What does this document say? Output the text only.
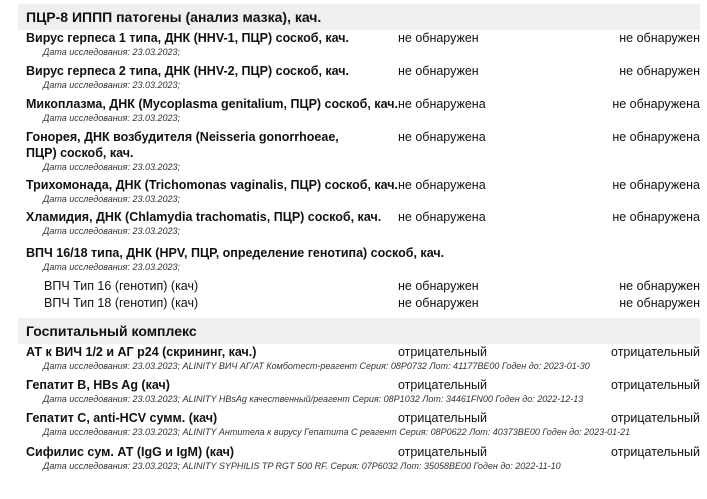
ПЦР-8 ИППП патогены (анализ мазка), кач.
Вирус герпеса 1 типа, ДНК (HHV-1, ПЦР) соскоб, кач.	не обнаружен	не обнаружен
Дата исследования: 23.03.2023;
Вирус герпеса 2 типа, ДНК (HHV-2, ПЦР) соскоб, кач.	не обнаружен	не обнаружен
Дата исследования: 23.03.2023;
Микоплазма, ДНК (Mycoplasma genitalium, ПЦР) соскоб, кач. не обнаружена	не обнаружена
Дата исследования: 23.03.2023;
Гонорея, ДНК возбудителя (Neisseria gonorrhoeae, ПЦР) соскоб, кач.
не обнаружена	не обнаружена
Дата исследования: 23.03.2023;
Трихомонада, ДНК (Trichomonas vaginalis, ПЦР) соскоб, кач. не обнаружена	не обнаружена
Дата исследования: 23.03.2023;
Хламидия, ДНК (Chlamydia trachomatis, ПЦР) соскоб, кач.	не обнаружена	не обнаружена
Дата исследования: 23.03.2023;
ВПЧ 16/18 типа, ДНК (HPV, ПЦР, определение генотипа) соскоб, кач.
Дата исследования: 23.03.2023;
ВПЧ Тип 16 (генотип) (кач)	не обнаружен	не обнаружен
ВПЧ Тип 18 (генотип) (кач)	не обнаружен	не обнаружен
Госпитальный комплекс
АТ к ВИЧ 1/2 и АГ p24 (скрининг, кач.)	отрицательный	отрицательный
Дата исследования: 23.03.2023; ALINITY ВИЧ АГ/АТ Комботест-реагент Серия: 08P0732 Лот: 41177BE00 Годен до: 2023-01-30
Гепатит B, HBs Ag (кач)	отрицательный	отрицательный
Дата исследования: 23.03.2023; ALINITY HBsAg качественный/реагент Серия: 08P1032 Лот: 34461FN00 Годен до: 2022-12-13
Гепатит C, anti-HCV сумм. (кач)	отрицательный	отрицательный
Дата исследования: 23.03.2023; ALINITY Антитела к вирусу Гепатита С реагент Серия: 08P0622 Лот: 40373BE00 Годен до: 2023-01-21
Сифилис сум. АТ (IgG и IgM) (кач)	отрицательный	отрицательный
Дата исследования: 23.03.2023; ALINITY SYPHILIS TP RGT 500 RF. Серия: 07P6032 Лот: 35058BE00 Годен до: 2022-11-10
